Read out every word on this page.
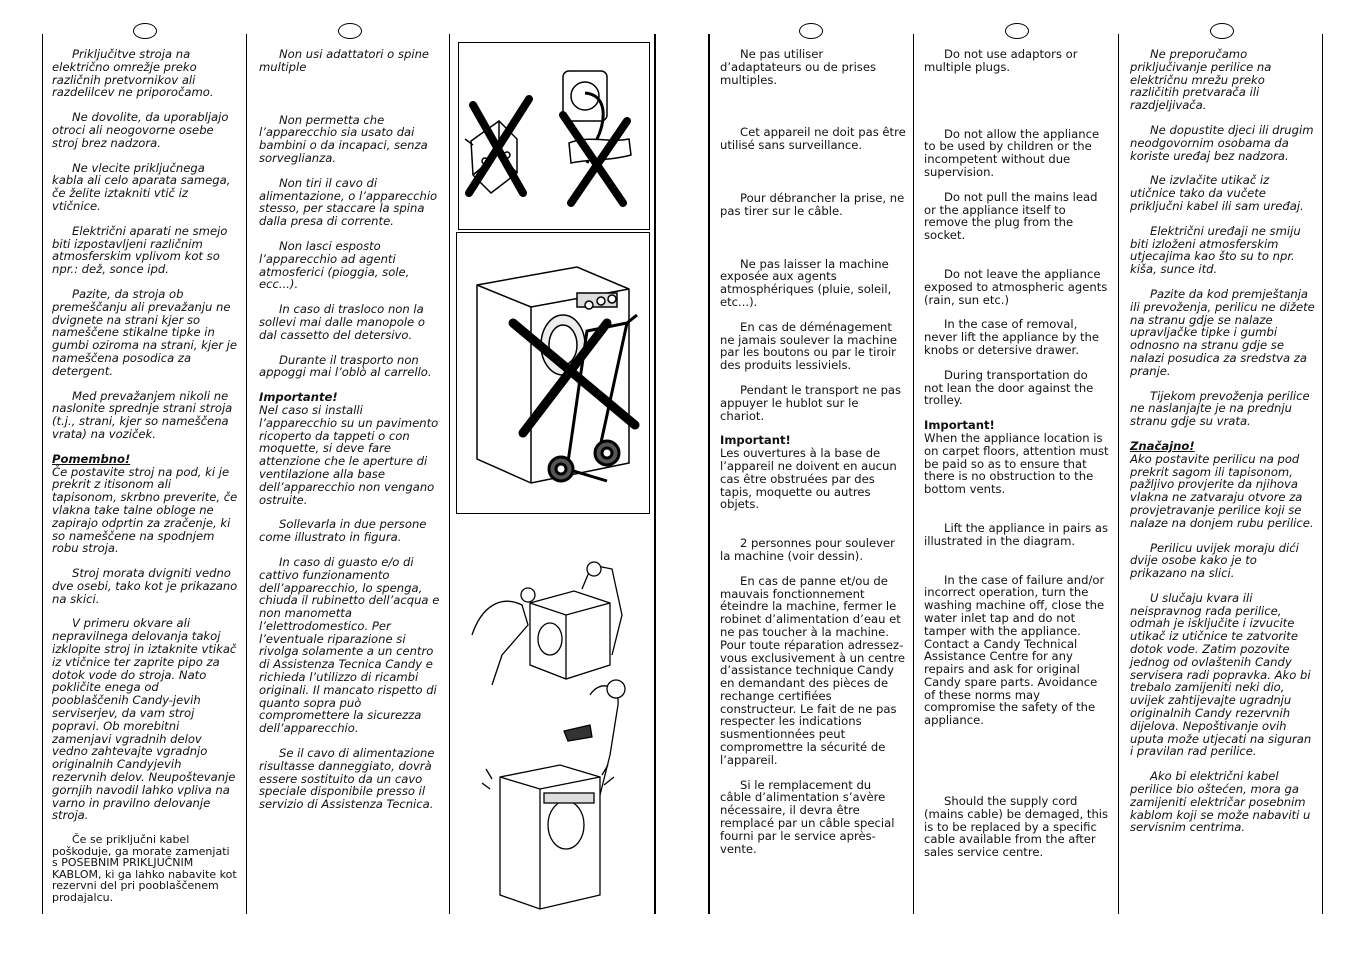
Priključitve stroja na električno omrežje preko različnih pretvornikov ali razdelilcev ne priporočamo.

Ne dovolite, da uporabljajo otroci ali neogovorne osebe stroj brez nadzora.

Ne vlecite priključnega kabla ali celo aparata samega, če želite iztakniti vtič iz vtičnice.

Električni aparati ne smejo biti izpostavljeni različnim atmosferskim vplivom kot so npr.: dež, sonce ipd.

Pazite, da stroja ob premeščanju ali prevažanju ne dvignete na strani kjer so nameščene stikalne tipke in gumbi oziroma na strani, kjer je nameščena posodica za detergent.

Med prevažanjem nikoli ne naslonite sprednje strani stroja (t.j., strani, kjer so nameščena vrata) na voziček.

Pomembno!
Če postavite stroj na pod, ki je prekrit z itisonom ali tapisonom, skrbno preverite, če vlakna take talne obloge ne zapirajo odprtin za zračenje, ki so nameščene na spodnjem robu stroja.

Stroj morata dvigniti vedno dve osebi, tako kot je prikazano na skici.

V primeru okvare ali nepravilnega delovanja takoj izklopite stroj in iztaknite vtikač iz vtičnice ter zaprite pipo za dotok vode do stroja. Nato pokličite enega od pooblaščenih Candy-jevih serviserjev, da vam stroj popravi. Ob morebitni zamenjavi vgradnih delov vedno zahtevajte vgradnjo originalnih Candyjevih rezervnih delov. Neupoštevanje gornjih navodil lahko vpliva na varno in pravilno delovanje stroja.

Če se priključni kabel poškoduje, ga morate zamenjati s POSEBNIM PRIKLJUČNIM KABLOM, ki ga lahko nabavite kot rezervni del pri pooblaščenem prodajalcu.

Non usi adattatori o spine multiple

Non permetta che l’apparecchio sia usato dai bambini o da incapaci, senza sorveglianza.

Non tiri il cavo di alimentazione, o l’apparecchio stesso, per staccare la spina dalla presa di corrente.

Non lasci esposto l’apparecchio ad agenti atmosferici (pioggia, sole, ecc...).

In caso di trasloco non la sollevi mai dalle manopole o dal cassetto del detersivo.

Durante il trasporto non appoggi mai l’oblò al carrello.

Importante!
Nel caso si installi l’apparecchio su un pavimento ricoperto da tappeti o con moquette, si deve fare attenzione che le aperture di ventilazione alla base dell’apparecchio non vengano ostruite.

Sollevarla in due persone come illustrato in figura.

In caso di guasto e/o di cattivo funzionamento dell’apparecchio, lo spenga, chiuda il rubinetto dell’acqua e non manometta l’elettrodomestico. Per l’eventuale riparazione si rivolga solamente a un centro di Assistenza Tecnica Candy e richieda l’utilizzo di ricambi originali. Il mancato rispetto di quanto sopra può compromettere la sicurezza dell’apparecchio.

Se il cavo di alimentazione risultasse danneggiato, dovrà essere sostituito da un cavo speciale disponibile presso il servizio di Assistenza Tecnica.

Ne pas utiliser d’adaptateurs ou de prises multiples.

Cet appareil ne doit pas être utilisé sans surveillance.

Pour débrancher la prise, ne pas tirer sur le câble.

Ne pas laisser la machine exposée aux agents atmosphériques (pluie, soleil, etc...).

En cas de déménagement ne jamais soulever la machine par les boutons ou par le tiroir des produits lessiviels.

Pendant le transport ne pas appuyer le hublot sur le chariot.

Important!
Les ouvertures à la base de l’appareil ne doivent en aucun cas être obstruées par des tapis, moquette ou autres objets.

2 personnes pour soulever la machine (voir dessin).

En cas de panne et/ou de mauvais fonctionnement éteindre la machine, fermer le robinet d’alimentation d’eau et ne pas toucher à la machine. Pour toute réparation adressez-vous exclusivement à un centre d’assistance technique Candy en demandant des pièces de rechange certifiées constructeur. Le fait de ne pas respecter les indications susmentionnées peut compromettre la sécurité de l’appareil.

Si le remplacement du câble d’alimentation s’avère nécessaire, il devra être remplacé par un câble special fourni par le service après-vente.

Do not use adaptors or multiple plugs.

Do not allow the appliance to be used by children or the incompetent without due supervision.

Do not pull the mains lead or the appliance itself to remove the plug from the socket.

Do not leave the appliance exposed to atmospheric agents (rain, sun etc.)

In the case of removal, never lift the appliance by the knobs or detersive drawer.

During transportation do not lean the door against the trolley.

Important!
When the appliance location is on carpet floors, attention must be paid so as to ensure that there is no obstruction to the bottom vents.

Lift the appliance in pairs as illustrated in the diagram.

In the case of failure and/or incorrect operation, turn the washing machine off, close the water inlet tap and do not tamper with the appliance. Contact a Candy Technical Assistance Centre for any repairs and ask for original Candy spare parts. Avoidance of these norms may compromise the safety of the appliance.

Should the supply cord (mains cable) be demaged, this is to be replaced by a specific cable available from the after sales service centre.

Ne preporučamo priključivanje perilice na električnu mrežu preko različitih pretvarača ili razdjeljivača.

Ne dopustite djeci ili drugim neodgovornim osobama da koriste uređaj bez nadzora.

Ne izvlačite utikač iz utičnice tako da vučete priključni kabel ili sam uređaj.

Električni uređaji ne smiju biti izloženi atmosferskim utjecajima kao što su to npr. kiša, sunce itd.

Pazite da kod premještanja ili prevoženja, perilicu ne dižete na stranu gdje se nalaze upravljačke tipke i gumbi odnosno na stranu gdje se nalazi posudica za sredstva za pranje.

Tijekom prevoženja perilice ne naslanjajte je na prednju stranu gdje su vrata.

Značajno!
Ako postavite perilicu na pod prekrit sagom ili tapisonom, pažljivo provjerite da njihova vlakna ne zatvaraju otvore za provjetravanje perilice koji se nalaze na donjem rubu perilice.

Perilicu uvijek moraju dići dvije osobe kako je to prikazano na slici.

U slučaju kvara ili neispravnog rada perilice, odmah je isključite i izvucite utikač iz utičnice te zatvorite dotok vode. Zatim pozovite jednog od ovlaštenih Candy servisera radi popravka. Ako bi trebalo zamijeniti neki dio, uvijek zahtijevajte ugradnju originalnih Candy rezervnih dijelova. Nepoštivanje ovih uputa može utjecati na siguran i pravilan rad perilice.

Ako bi električni kabel perilice bio oštećen, mora ga zamijeniti električar posebnim kablom koji se može nabaviti u servisnim centrima.
